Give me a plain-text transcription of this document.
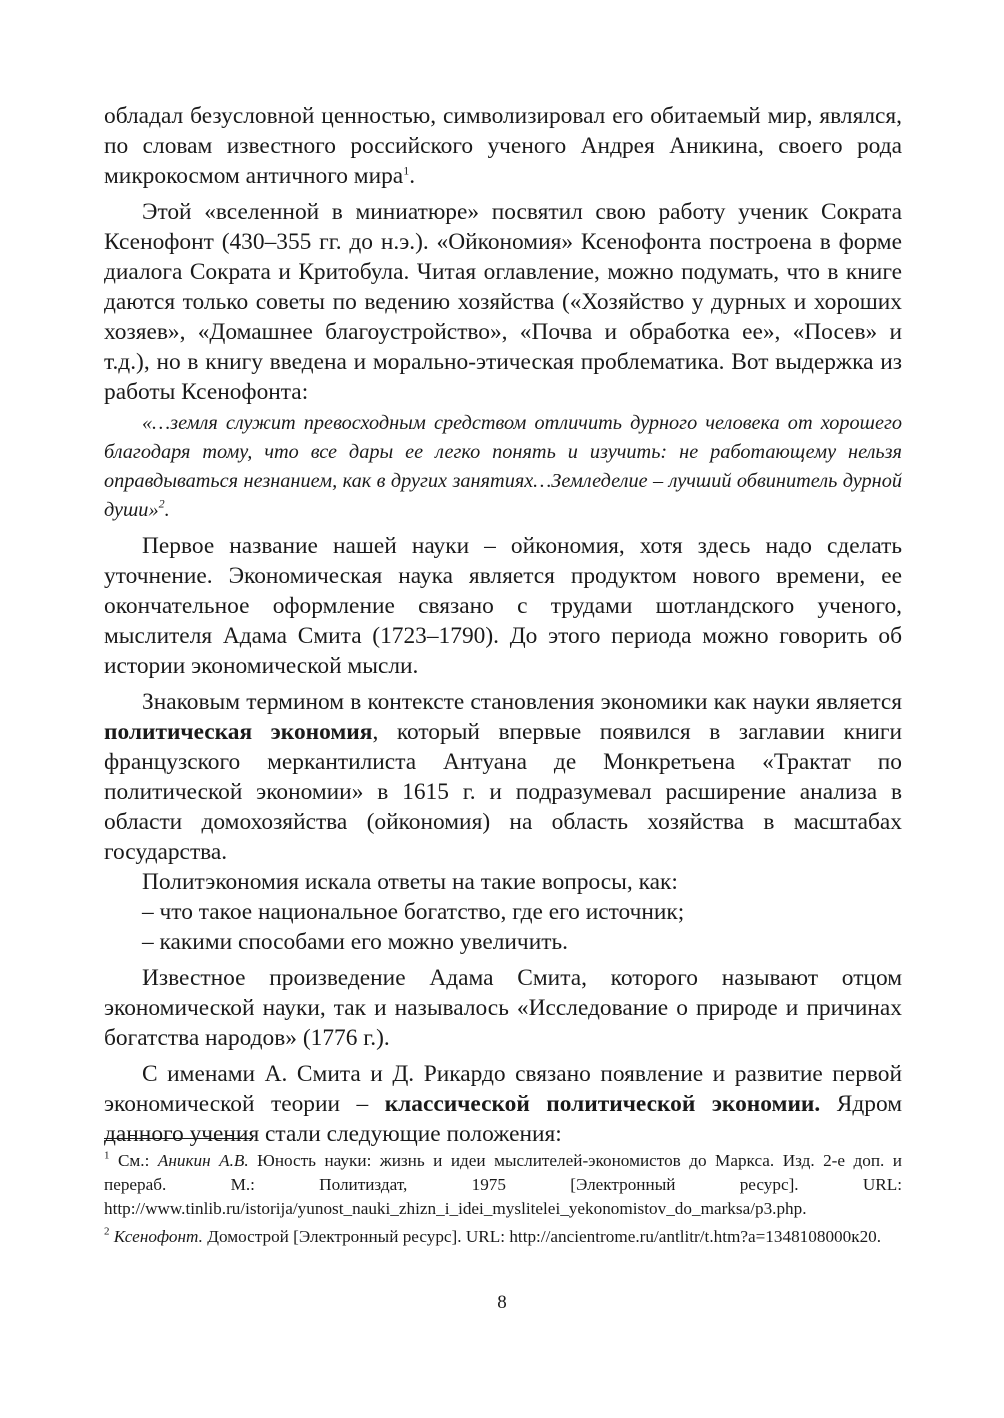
обладал безусловной ценностью, символизировал его обитаемый мир, являлся, по словам известного российского ученого Андрея Аникина, своего рода микрокосмом античного мира$^1$.

Этой «вселенной в миниатюре» посвятил свою работу ученик Сократа Ксенофонт (430–355 гг. до н.э.). «Ойкономия» Ксенофонта построена в форме диалога Сократа и Критобула. Читая оглавление, можно подумать, что в книге даются только советы по ведению хозяйства («Хозяйство у дурных и хороших хозяев», «Домашнее благоустройство», «Почва и обработка ее», «Посев» и т.д.), но в книгу введена и морально-этическая проблематика. Вот выдержка из работы Ксенофонта:

«…земля служит превосходным средством отличить дурного человека от хорошего благодаря тому, что все дары ее легко понять и изучить: не работающему нельзя оправдываться незнанием, как в других занятиях…Земледелие – лучший обвинитель дурной души»$^2$.

Первое название нашей науки – ойкономия, хотя здесь надо сделать уточнение. Экономическая наука является продуктом нового времени, ее окончательное оформление связано с трудами шотландского ученого, мыслителя Адама Смита (1723–1790). До этого периода можно говорить об истории экономической мысли.

Знаковым термином в контексте становления экономики как науки является политическая экономия, который впервые появился в заглавии книги французского меркантилиста Антуана де Монкретьена «Трактат по политической экономии» в 1615 г. и подразумевал расширение анализа в области домохозяйства (ойкономия) на область хозяйства в масштабах государства.

Политэкономия искала ответы на такие вопросы, как:

– что такое национальное богатство, где его источник;

– какими способами его можно увеличить.

Известное произведение Адама Смита, которого называют отцом экономической науки, так и называлось «Исследование о природе и причинах богатства народов» (1776 г.).

С именами А. Смита и Д. Рикардо связано появление и развитие первой экономической теории – классической политической экономии. Ядром данного учения стали следующие положения:

$^1$ См.: Аникин А.В. Юность науки: жизнь и идеи мыслителей-экономистов до Маркса. Изд. 2-е доп. и перераб. М.: Политиздат, 1975 [Электронный ресурс]. URL: http://www.tinlib.ru/istorija/yunost_nauki_zhizn_i_idei_myslitelei_yekonomistov_do_marksa/p3.php.

$^2$ Ксенофонт. Домострой [Электронный ресурс]. URL: http://ancientrome.ru/antlitr/t.htm?a=1348108000к20.

8
